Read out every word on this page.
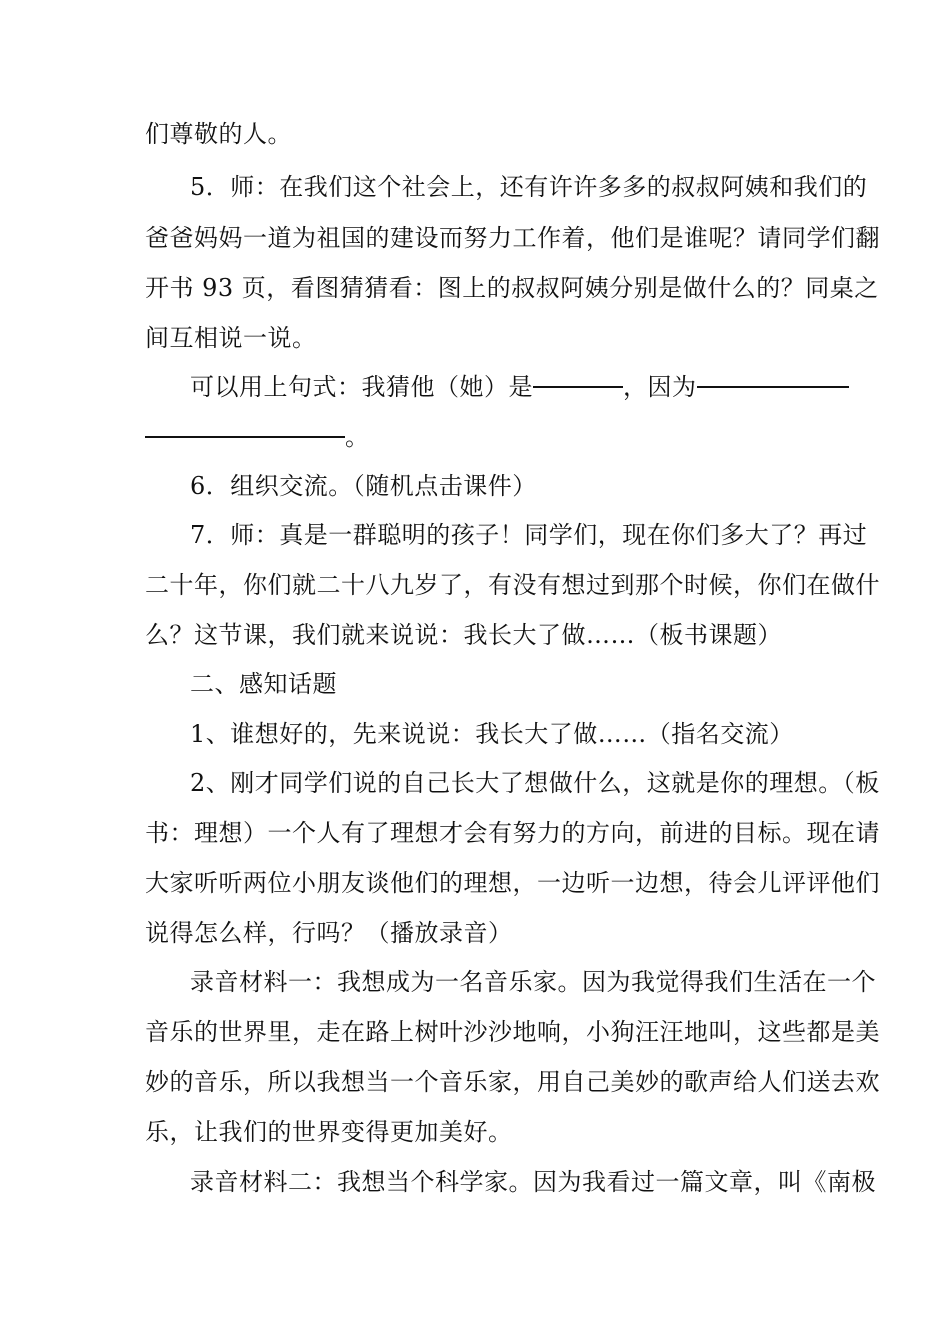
们尊敬的人。
5．师：在我们这个社会上，还有许许多多的叔叔阿姨和我们的
爸爸妈妈一道为祖国的建设而努力工作着，他们是谁呢？请同学们翻
开书 93 页，看图猜猜看：图上的叔叔阿姨分别是做什么的？同桌之
间互相说一说。
可以用上句式：我猜他（她）是	，因为
。
6．组织交流。（随机点击课件）
7．师：真是一群聪明的孩子！同学们，现在你们多大了？再过
二十年，你们就二十八九岁了，有没有想过到那个时候，你们在做什
么？这节课，我们就来说说：我长大了做……（板书课题）
二、感知话题
1、谁想好的，先来说说：我长大了做……（指名交流）
2、刚才同学们说的自己长大了想做什么，这就是你的理想。（板
书：理想）一个人有了理想才会有努力的方向，前进的目标。现在请
大家听听两位小朋友谈他们的理想，一边听一边想，待会儿评评他们
说得怎么样，行吗？（播放录音）
录音材料一：我想成为一名音乐家。因为我觉得我们生活在一个
音乐的世界里，走在路上树叶沙沙地响，小狗汪汪地叫，这些都是美
妙的音乐，所以我想当一个音乐家，用自己美妙的歌声给人们送去欢
乐，让我们的世界变得更加美好。
录音材料二：我想当个科学家。因为我看过一篇文章，叫《南极
